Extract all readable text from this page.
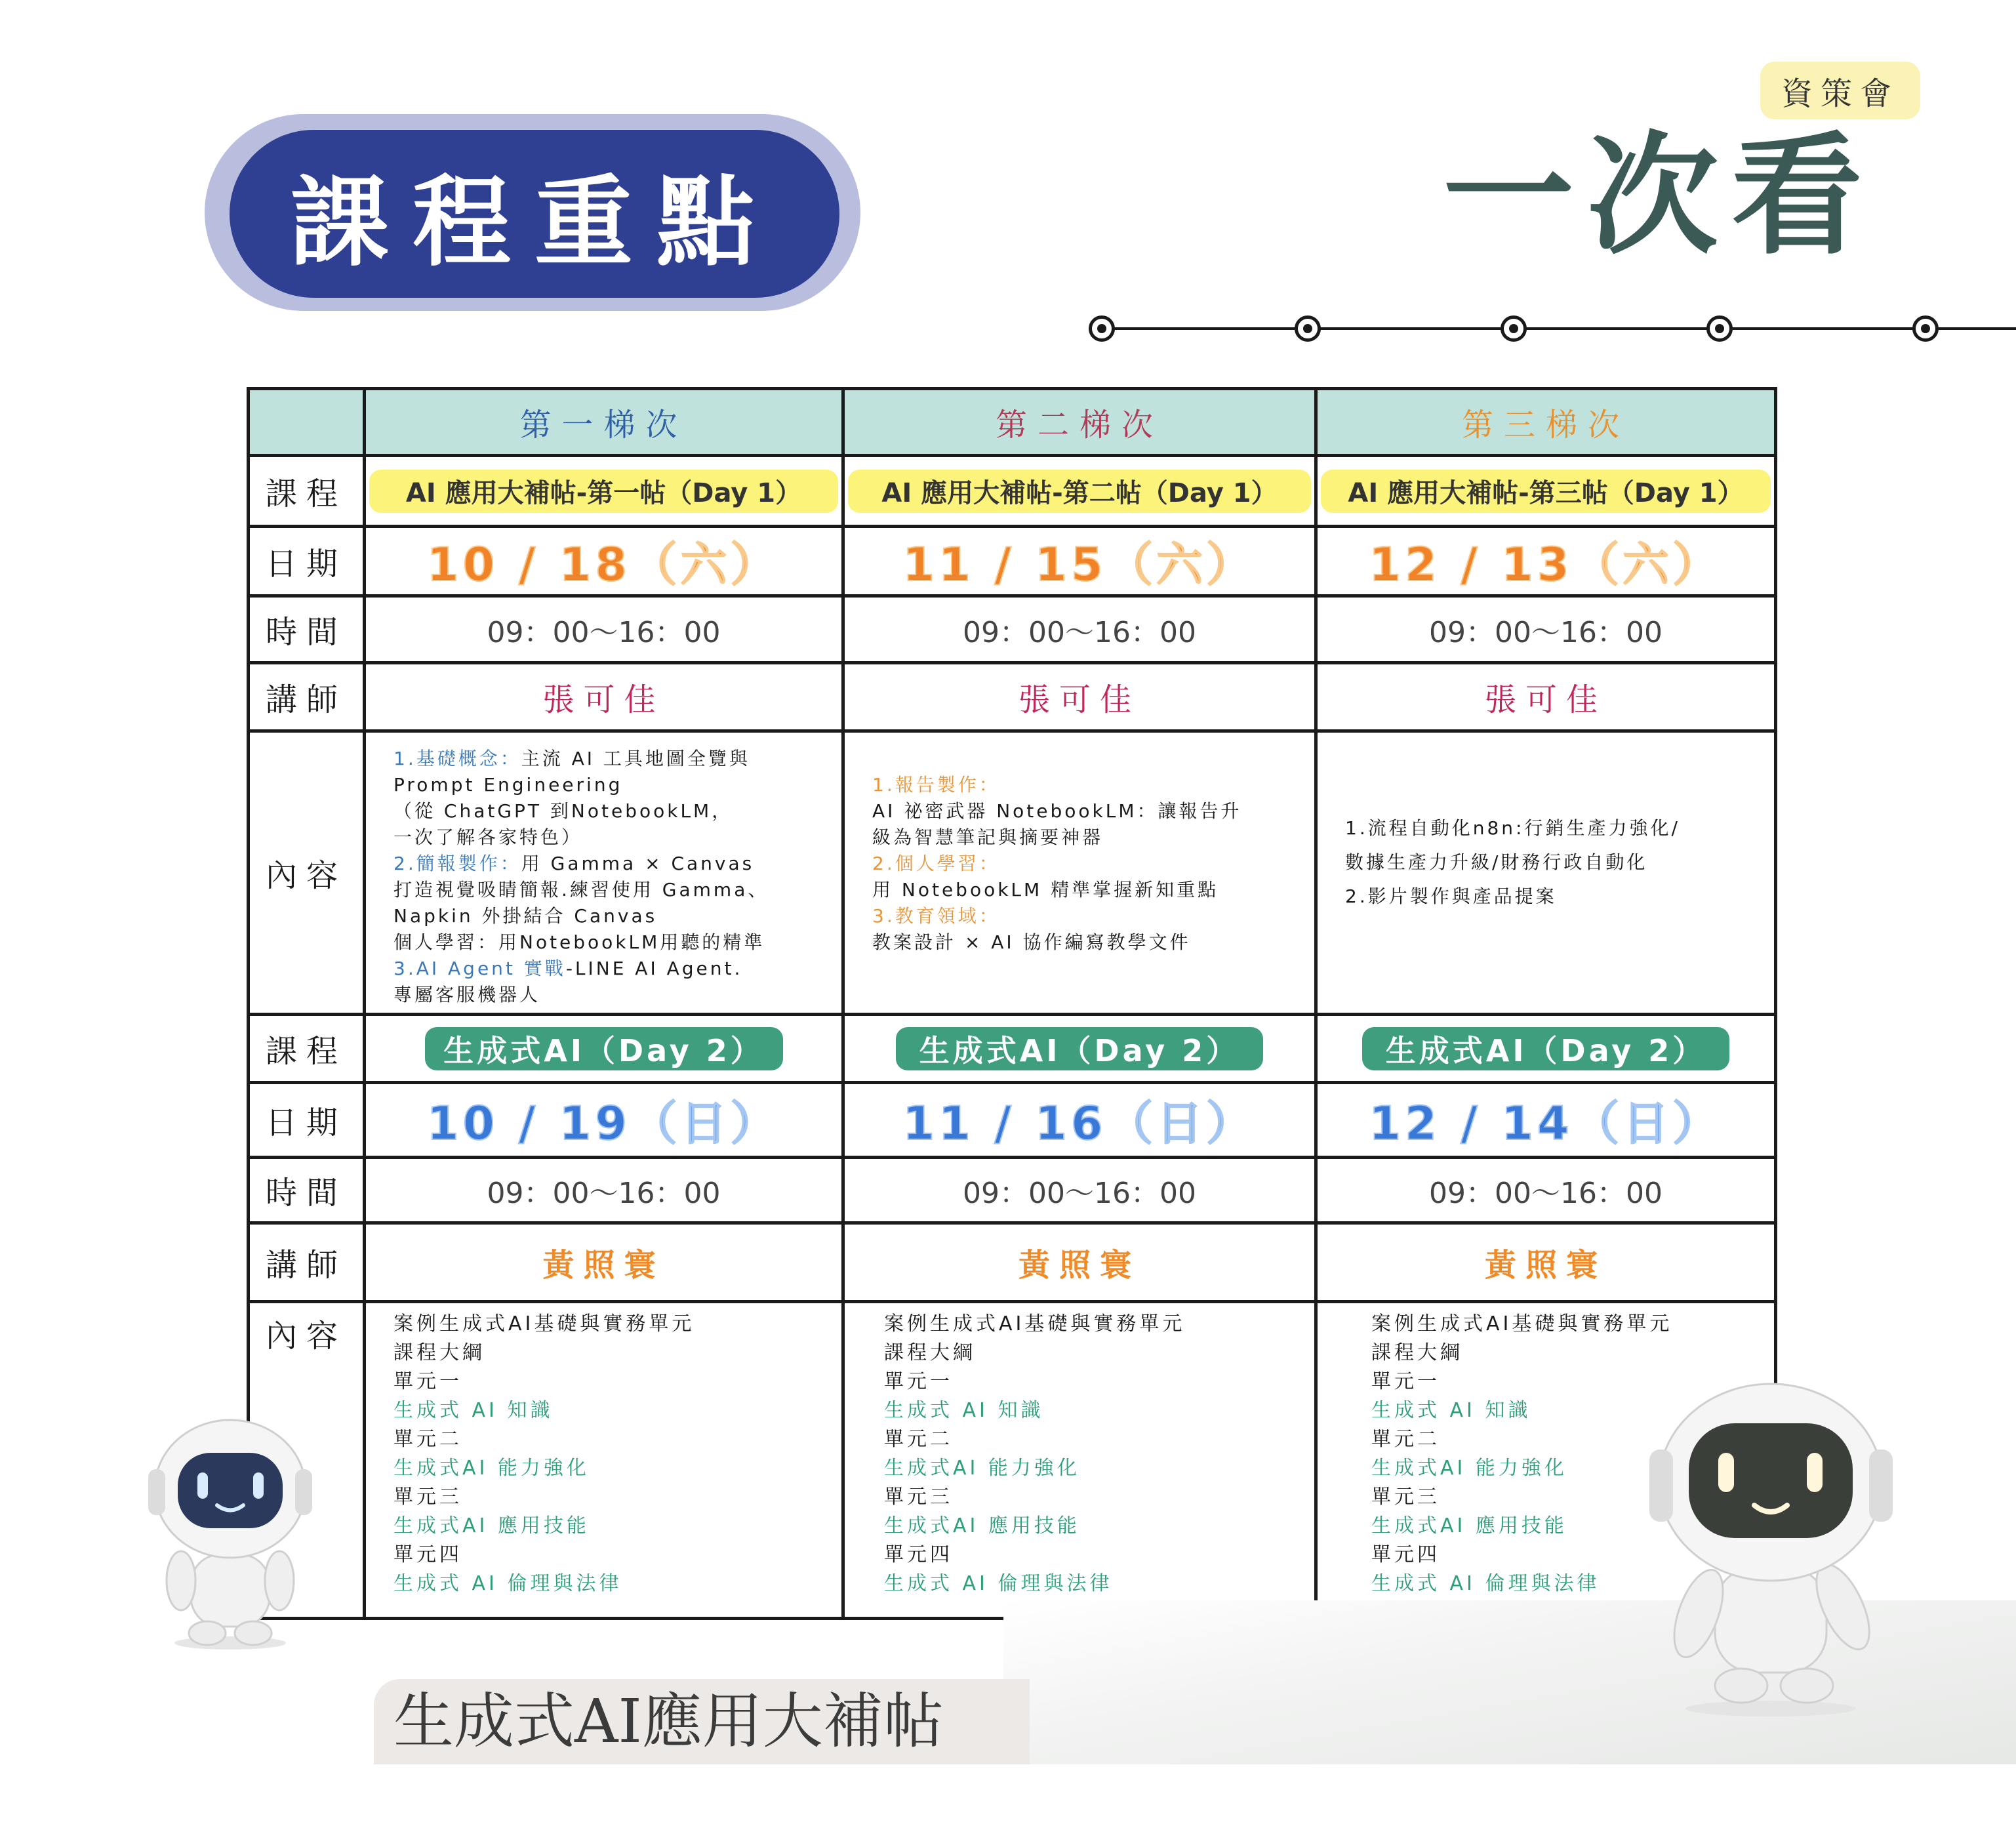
課程重點
資策會
一次看
課程
日期
時間
講師
內容
課程
日期
時間
講師
內容
第一梯次
AI 應用大補帖-第一帖（Day 1）
10 / 18（六）
09：00～16：00
張可佳
1.基礎概念：主流 AI 工具地圖全覽與
Prompt Engineering
（從 ChatGPT 到NotebookLM，
一次了解各家特色）
2.簡報製作：用 Gamma × Canvas
打造視覺吸睛簡報.練習使用 Gamma、
Napkin 外掛結合 Canvas
個人學習：用NotebookLM用聽的精準
3.AI Agent 實戰-LINE AI Agent.
專屬客服機器人
生成式AI（Day 2）
10 / 19（日）
09：00～16：00
黃照寰
案例生成式AI基礎與實務單元
課程大綱
單元一
生成式 AI 知識
單元二
生成式AI 能力強化
單元三
生成式AI 應用技能
單元四
生成式 AI 倫理與法律
第二梯次
AI 應用大補帖-第二帖（Day 1）
11 / 15（六）
09：00～16：00
張可佳
1.報告製作：
AI 祕密武器 NotebookLM：讓報告升
級為智慧筆記與摘要神器
2.個人學習：
用 NotebookLM 精準掌握新知重點
3.教育領域：
教案設計 × AI 協作編寫教學文件
生成式AI（Day 2）
11 / 16（日）
09：00～16：00
黃照寰
案例生成式AI基礎與實務單元
課程大綱
單元一
生成式 AI 知識
單元二
生成式AI 能力強化
單元三
生成式AI 應用技能
單元四
生成式 AI 倫理與法律
第三梯次
AI 應用大補帖-第三帖（Day 1）
12 / 13（六）
09：00～16：00
張可佳
1.流程自動化n8n:行銷生產力強化/
數據生產力升級/財務行政自動化
2.影片製作與產品提案
生成式AI（Day 2）
12 / 14（日）
09：00～16：00
黃照寰
案例生成式AI基礎與實務單元
課程大綱
單元一
生成式 AI 知識
單元二
生成式AI 能力強化
單元三
生成式AI 應用技能
單元四
生成式 AI 倫理與法律
生成式AI應用大補帖
